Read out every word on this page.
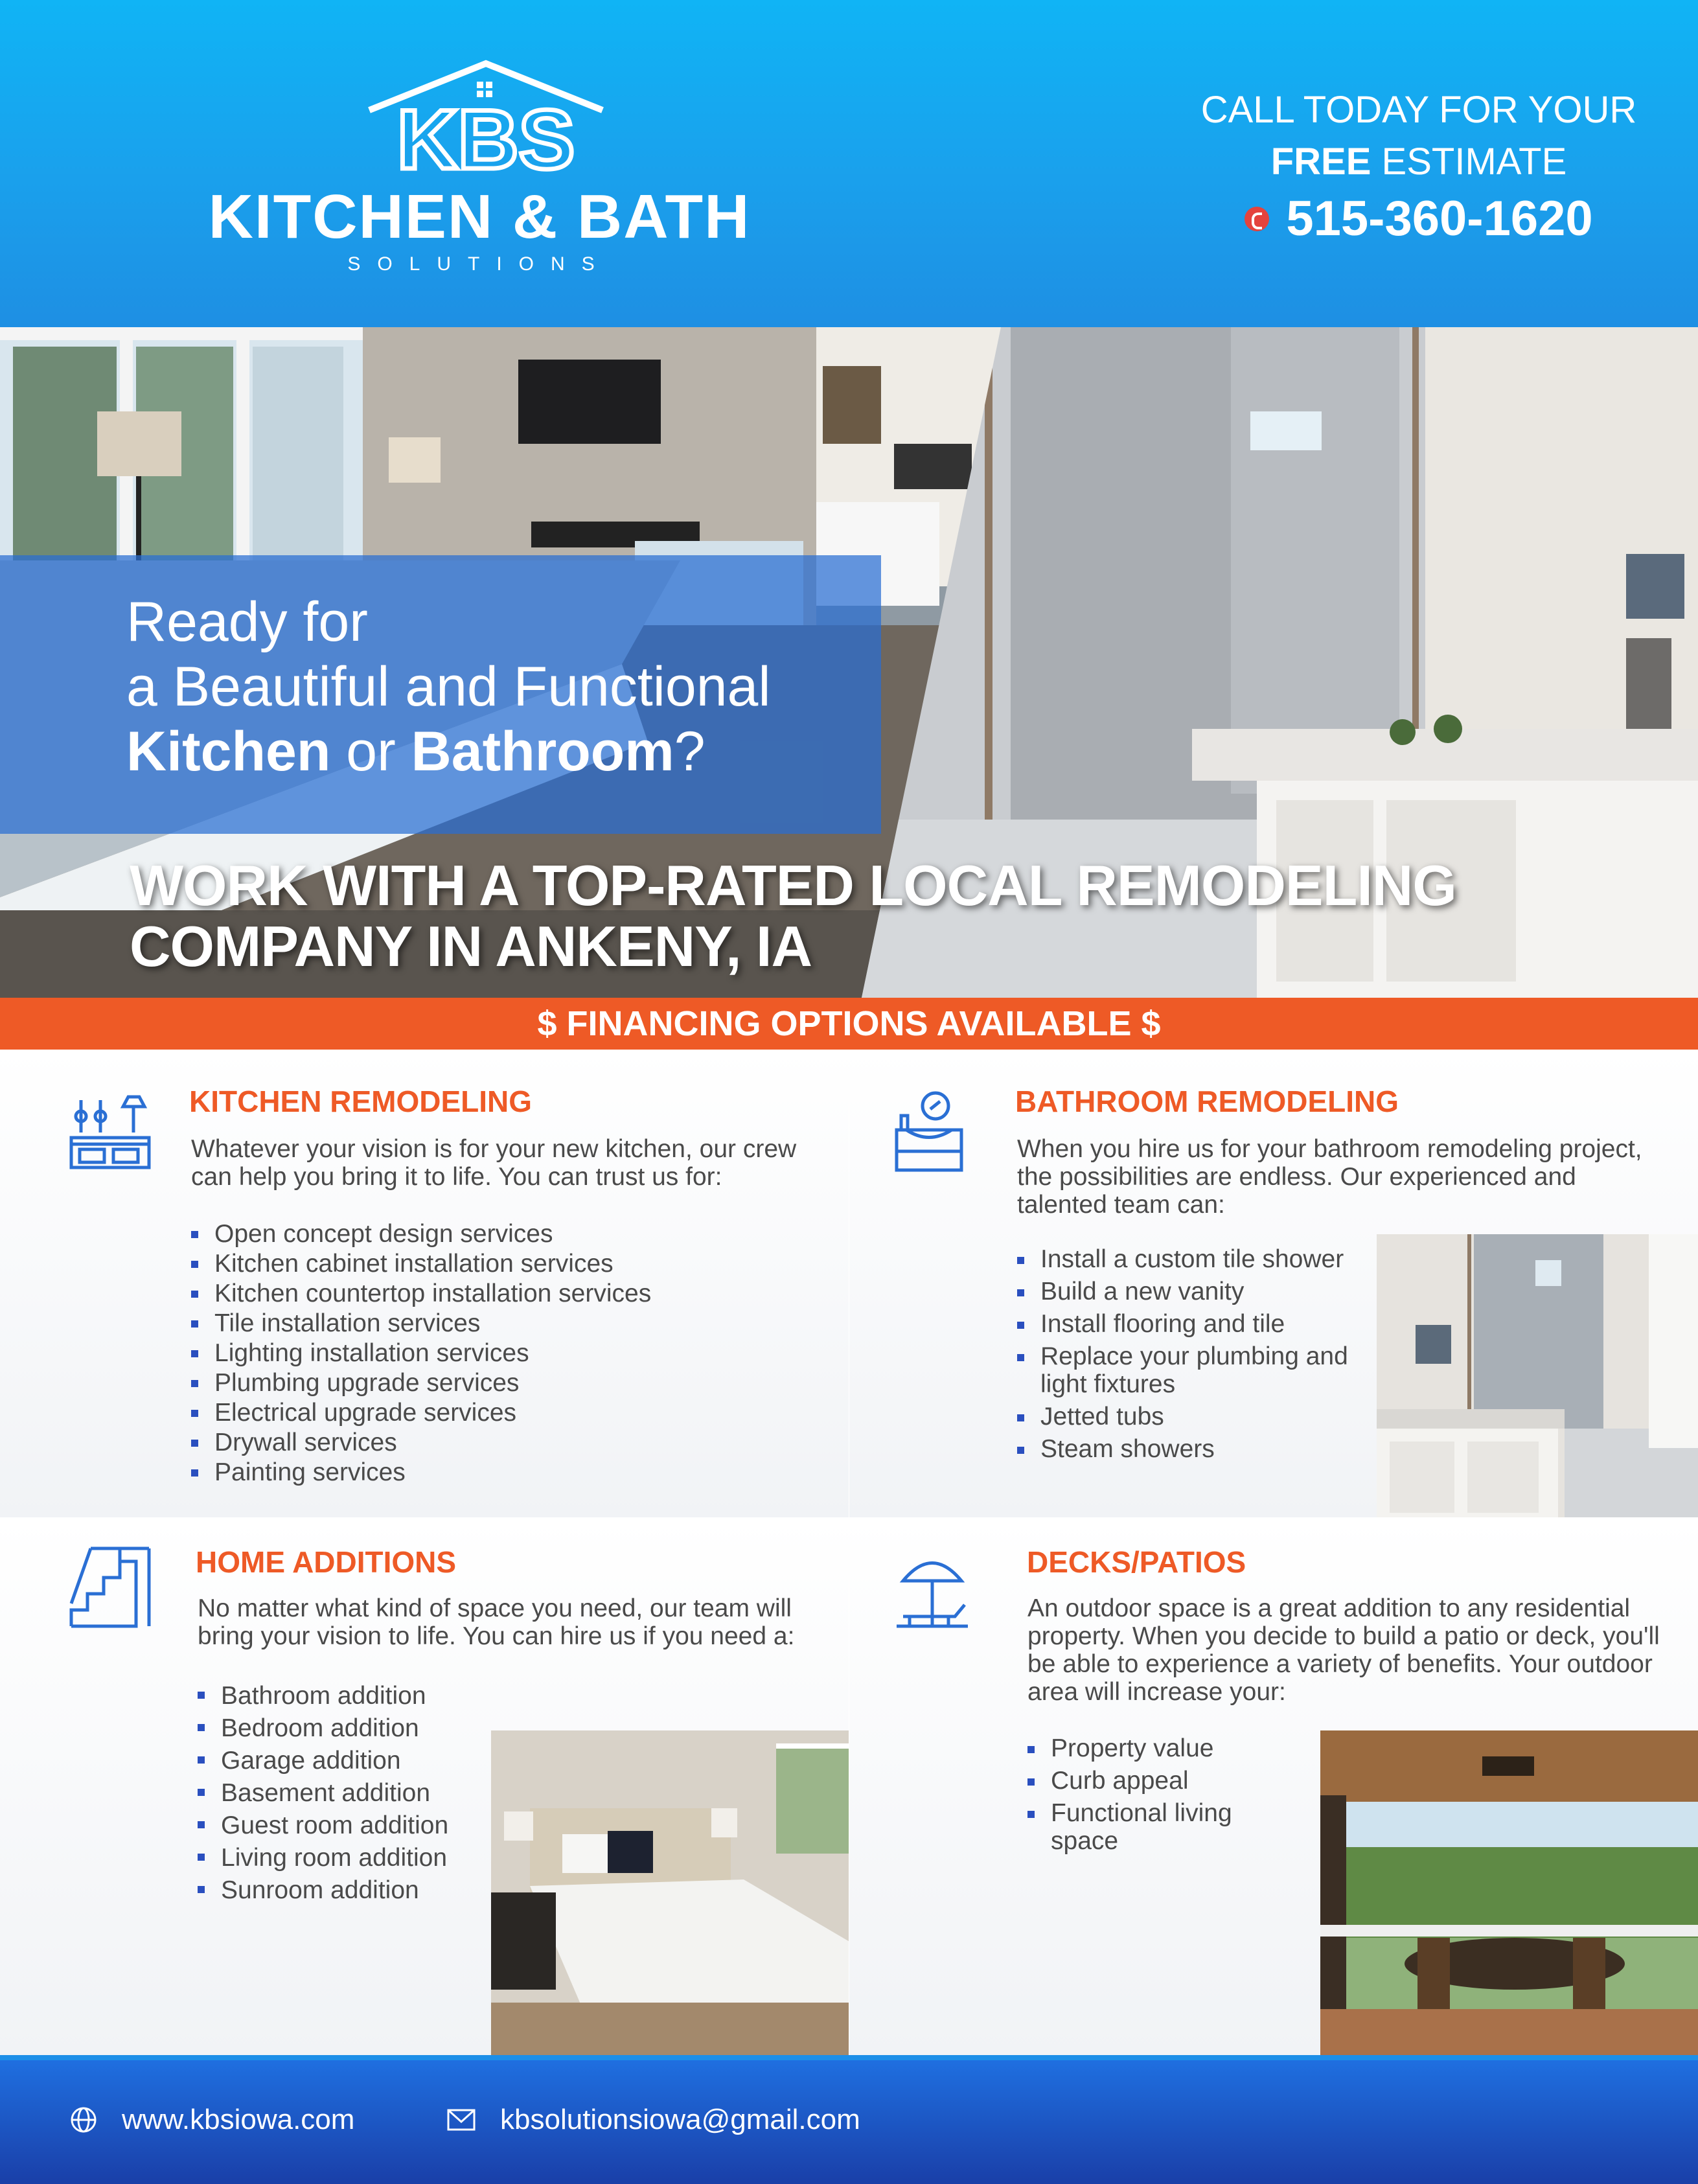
KBS
KITCHEN & BATH
SOLUTIONS
CALL TODAY FOR YOUR
FREE ESTIMATE
515-360-1620
Ready for
a Beautiful and Functional
Kitchen or Bathroom?
WORK WITH A TOP-RATED LOCAL REMODELING
COMPANY IN ANKENY, IA
$ FINANCING OPTIONS AVAILABLE $
KITCHEN REMODELING
Whatever your vision is for your new kitchen, our crew can help you bring it to life. You can trust us for:
Open concept design services
Kitchen cabinet installation services
Kitchen countertop installation services
Tile installation services
Lighting installation services
Plumbing upgrade services
Electrical upgrade services
Drywall services
Painting services
BATHROOM REMODELING
When you hire us for your bathroom remodeling project, the possibilities are endless. Our experienced and talented team can:
Install a custom tile shower
Build a new vanity
Install flooring and tile
Replace your plumbing and light fixtures
Jetted tubs
Steam showers
HOME ADDITIONS
No matter what kind of space you need, our team will bring your vision to life. You can hire us if you need a:
Bathroom addition
Bedroom addition
Garage addition
Basement addition
Guest room addition
Living room addition
Sunroom addition
DECKS/PATIOS
An outdoor space is a great addition to any residential property. When you decide to build a patio or deck, you'll be able to experience a variety of benefits. Your outdoor area will increase your:
Property value
Curb appeal
Functional living space
www.kbsiowa.com	kbsolutionsiowa@gmail.com
